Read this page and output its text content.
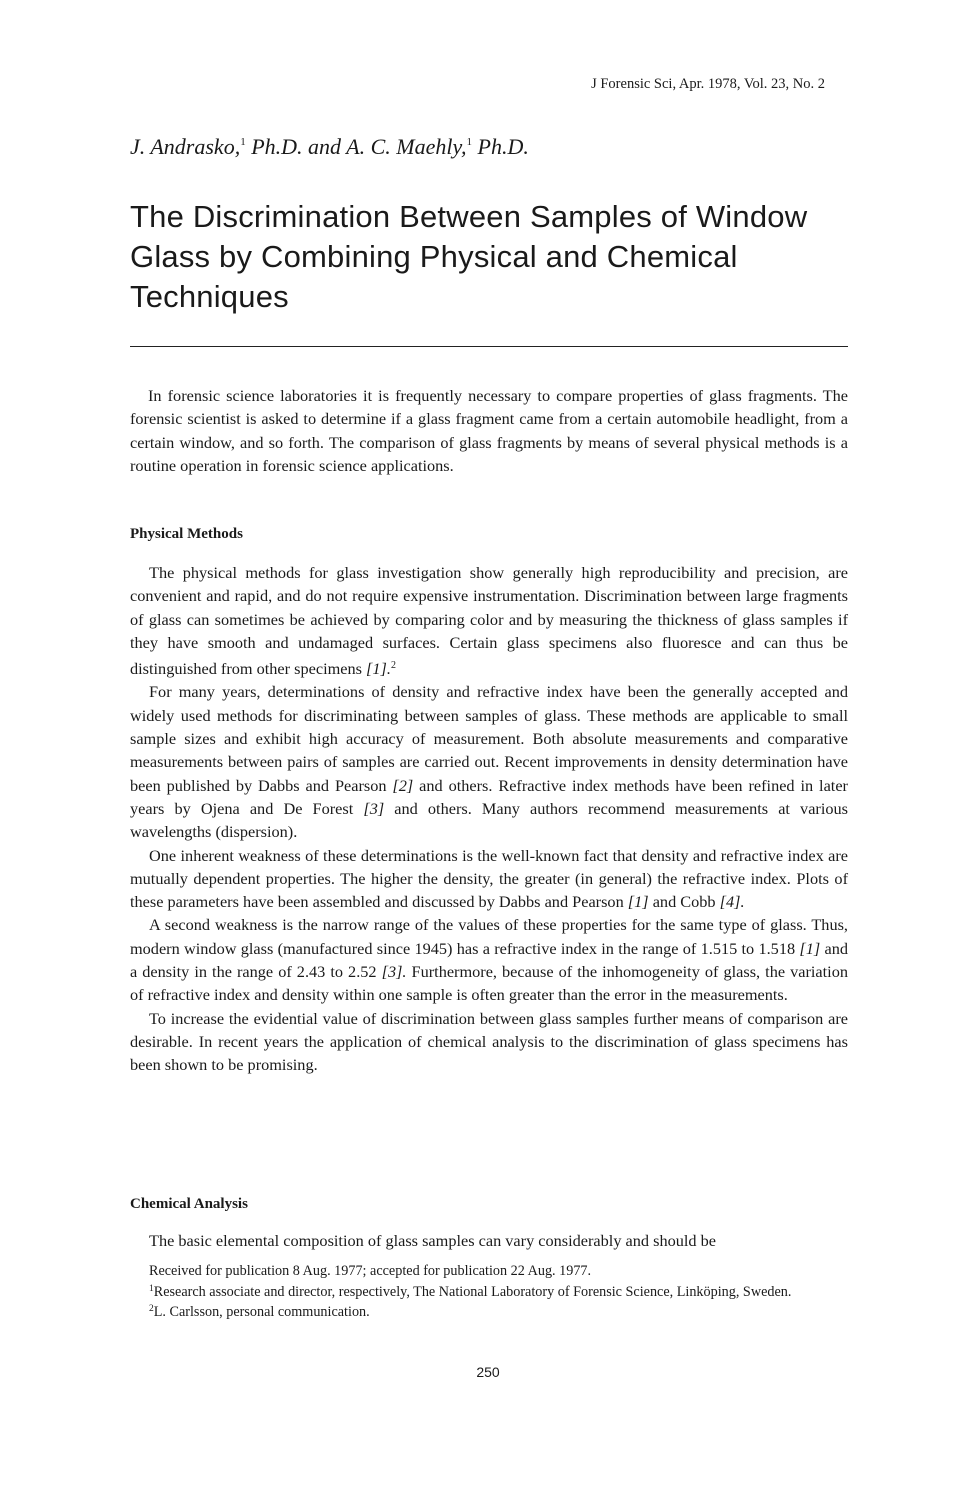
J Forensic Sci, Apr. 1978, Vol. 23, No. 2
J. Andrasko,$^1$ Ph.D. and A. C. Maehly,$^1$ Ph.D.
The Discrimination Between Samples of Window
Glass by Combining Physical and Chemical
Techniques

In forensic science laboratories it is frequently necessary to compare properties of glass fragments. The forensic scientist is asked to determine if a glass fragment came from a certain automobile headlight, from a certain window, and so forth. The comparison of glass fragments by means of several physical methods is a routine operation in forensic science applications.

Physical Methods

The physical methods for glass investigation show generally high reproducibility and precision, are convenient and rapid, and do not require expensive instrumentation. Discrimination between large fragments of glass can sometimes be achieved by comparing color and by measuring the thickness of glass samples if they have smooth and undamaged surfaces. Certain glass specimens also fluoresce and can thus be distinguished from other specimens [1].$^2$

For many years, determinations of density and refractive index have been the generally accepted and widely used methods for discriminating between samples of glass. These methods are applicable to small sample sizes and exhibit high accuracy of measurement. Both absolute measurements and comparative measurements between pairs of samples are carried out. Recent improvements in density determination have been published by Dabbs and Pearson [2] and others. Refractive index methods have been refined in later years by Ojena and De Forest [3] and others. Many authors recommend measurements at various wavelengths (dispersion).

One inherent weakness of these determinations is the well-known fact that density and refractive index are mutually dependent properties. The higher the density, the greater (in general) the refractive index. Plots of these parameters have been assembled and discussed by Dabbs and Pearson [1] and Cobb [4].

A second weakness is the narrow range of the values of these properties for the same type of glass. Thus, modern window glass (manufactured since 1945) has a refractive index in the range of 1.515 to 1.518 [1] and a density in the range of 2.43 to 2.52 [3]. Furthermore, because of the inhomogeneity of glass, the variation of refractive index and density within one sample is often greater than the error in the measurements.

To increase the evidential value of discrimination between glass samples further means of comparison are desirable. In recent years the application of chemical analysis to the discrimination of glass specimens has been shown to be promising.

Chemical Analysis

The basic elemental composition of glass samples can vary considerably and should be

Received for publication 8 Aug. 1977; accepted for publication 22 Aug. 1977.

$^1$Research associate and director, respectively, The National Laboratory of Forensic Science, Linköping, Sweden.

$^2$L. Carlsson, personal communication.

250
